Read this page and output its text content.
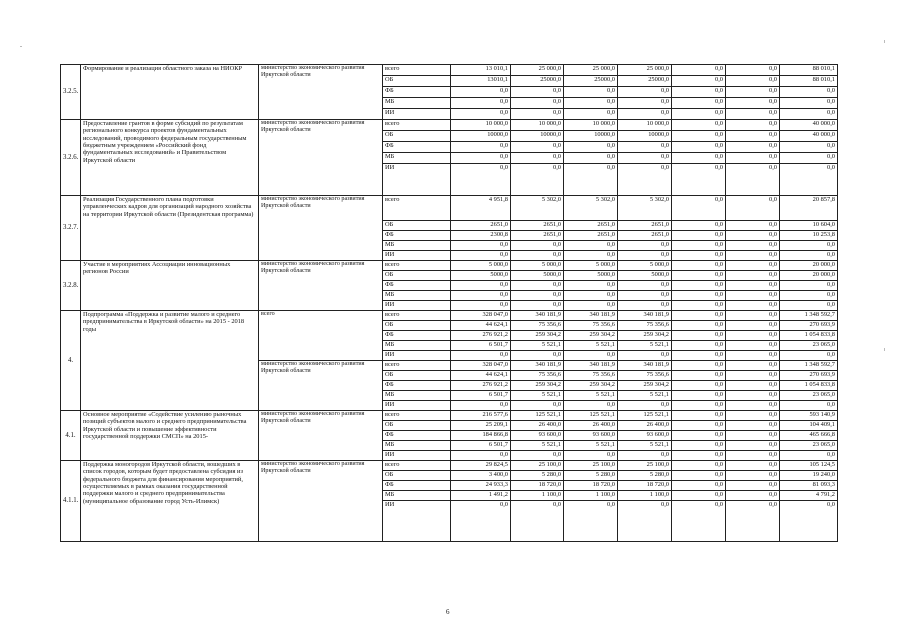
3.2.5.	Формирование и реализация областного заказа на НИОКР	министерство экономического развития Иркутской области	всего	13 010,1	25 000,0	25 000,0	25 000,0	0,0	0,0	88 010,1
			ОБ	13010,1	25000,0	25000,0	25000,0	0,0	0,0	88 010,1
			ФБ	0,0	0,0	0,0	0,0	0,0	0,0	0,0
			МБ	0,0	0,0	0,0	0,0	0,0	0,0	0,0
			ИИ	0,0	0,0	0,0	0,0	0,0	0,0	0,0
3.2.6.	Предоставление грантов в форме субсидий по результатам регионального конкурса проектов фундаментальных исследований, проводимого федеральным государственным бюджетным учреждением «Российский фонд фундаментальных исследований» и Правительством Иркутской области	министерство экономического развития Иркутской области	всего	10 000,0	10 000,0	10 000,0	10 000,0	0,0	0,0	40 000,0
			ОБ	10000,0	10000,0	10000,0	10000,0	0,0	0,0	40 000,0
			ФБ	0,0	0,0	0,0	0,0	0,0	0,0	0,0
			МБ	0,0	0,0	0,0	0,0	0,0	0,0	0,0
			ИИ	0,0	0,0	0,0	0,0	0,0	0,0	0,0
3.2.7.	Реализация Государственного плана подготовки управленческих кадров для организаций народного хозяйства на территории Иркутской области (Президентская программа)	министерство экономического развития Иркутской области	всего	4 951,8	5 302,0	5 302,0	5 302,0	0,0	0,0	20 857,8
			ОБ	2651,0	2651,0	2651,0	2651,0	0,0	0,0	10 604,0
			ФБ	2300,8	2651,0	2651,0	2651,0	0,0	0,0	10 253,8
			МБ	0,0	0,0	0,0	0,0	0,0	0,0	0,0
			ИИ	0,0	0,0	0,0	0,0	0,0	0,0	0,0
3.2.8.	Участие в мероприятиях Ассоциации инновационных регионов России	министерство экономического развития Иркутской области	всего	5 000,0	5 000,0	5 000,0	5 000,0	0,0	0,0	20 000,0
			ОБ	5000,0	5000,0	5000,0	5000,0	0,0	0,0	20 000,0
			ФБ	0,0	0,0	0,0	0,0	0,0	0,0	0,0
			МБ	0,0	0,0	0,0	0,0	0,0	0,0	0,0
			ИИ	0,0	0,0	0,0	0,0	0,0	0,0	0,0
4.	Подпрограмма «Поддержка и развитие малого и среднего предпринимательства в Иркутской области» на 2015 - 2018 годы	всего	всего	328 047,0	340 181,9	340 181,9	340 181,9	0,0	0,0	1 348 592,7
			ОБ	44 624,1	75 356,6	75 356,6	75 356,6	0,0	0,0	270 693,9
			ФБ	276 921,2	259 304,2	259 304,2	259 304,2	0,0	0,0	1 054 833,8
			МБ	6 501,7	5 521,1	5 521,1	5 521,1	0,0	0,0	23 065,0
			ИИ	0,0	0,0	0,0	0,0	0,0	0,0	0,0
		министерство экономического развития Иркутской области	всего	328 047,0	340 181,9	340 181,9	340 181,9	0,0	0,0	1 348 592,7
			ОБ	44 624,1	75 356,6	75 356,6	75 356,6	0,0	0,0	270 693,9
			ФБ	276 921,2	259 304,2	259 304,2	259 304,2	0,0	0,0	1 054 833,8
			МБ	6 501,7	5 521,1	5 521,1	5 521,1	0,0	0,0	23 065,0
			ИИ	0,0	0,0	0,0	0,0	0,0	0,0	0,0
4.1.	Основное мероприятие «Содействие усилению рыночных позиций субъектов малого и среднего предпринимательства Иркутской области и повышение эффективности государственной поддержки СМСП» на 2015-	министерство экономического развития Иркутской области	всего	216 577,6	125 521,1	125 521,1	125 521,1	0,0	0,0	593 140,9
			ОБ	25 209,1	26 400,0	26 400,0	26 400,0	0,0	0,0	104 409,1
			ФБ	184 866,8	93 600,0	93 600,0	93 600,0	0,0	0,0	465 666,8
			МБ	6 501,7	5 521,1	5 521,1	5 521,1	0,0	0,0	23 065,0
			ИИ	0,0	0,0	0,0	0,0	0,0	0,0	0,0
4.1.1.	Поддержка моногородов Иркутской области, вошедших в список городов, которым будет предоставлена субсидия из федерального бюджета для финансирования мероприятий, осуществляемых в рамках оказания государственной поддержки малого и среднего предпринимательства (муниципальное образование город Усть-Илимск)	министерство экономического развития Иркутской области	всего	29 824,5	25 100,0	25 100,0	25 100,0	0,0	0,0	105 124,5
			ОБ	3 400,0	5 280,0	5 280,0	5 280,0	0,0	0,0	19 240,0
			ФБ	24 933,3	18 720,0	18 720,0	18 720,0	0,0	0,0	81 093,3
			МБ	1 491,2	1 100,0	1 100,0	1 100,0	0,0	0,0	4 791,2
			ИИ	0,0	0,0	0,0	0,0	0,0	0,0	0,0
6
